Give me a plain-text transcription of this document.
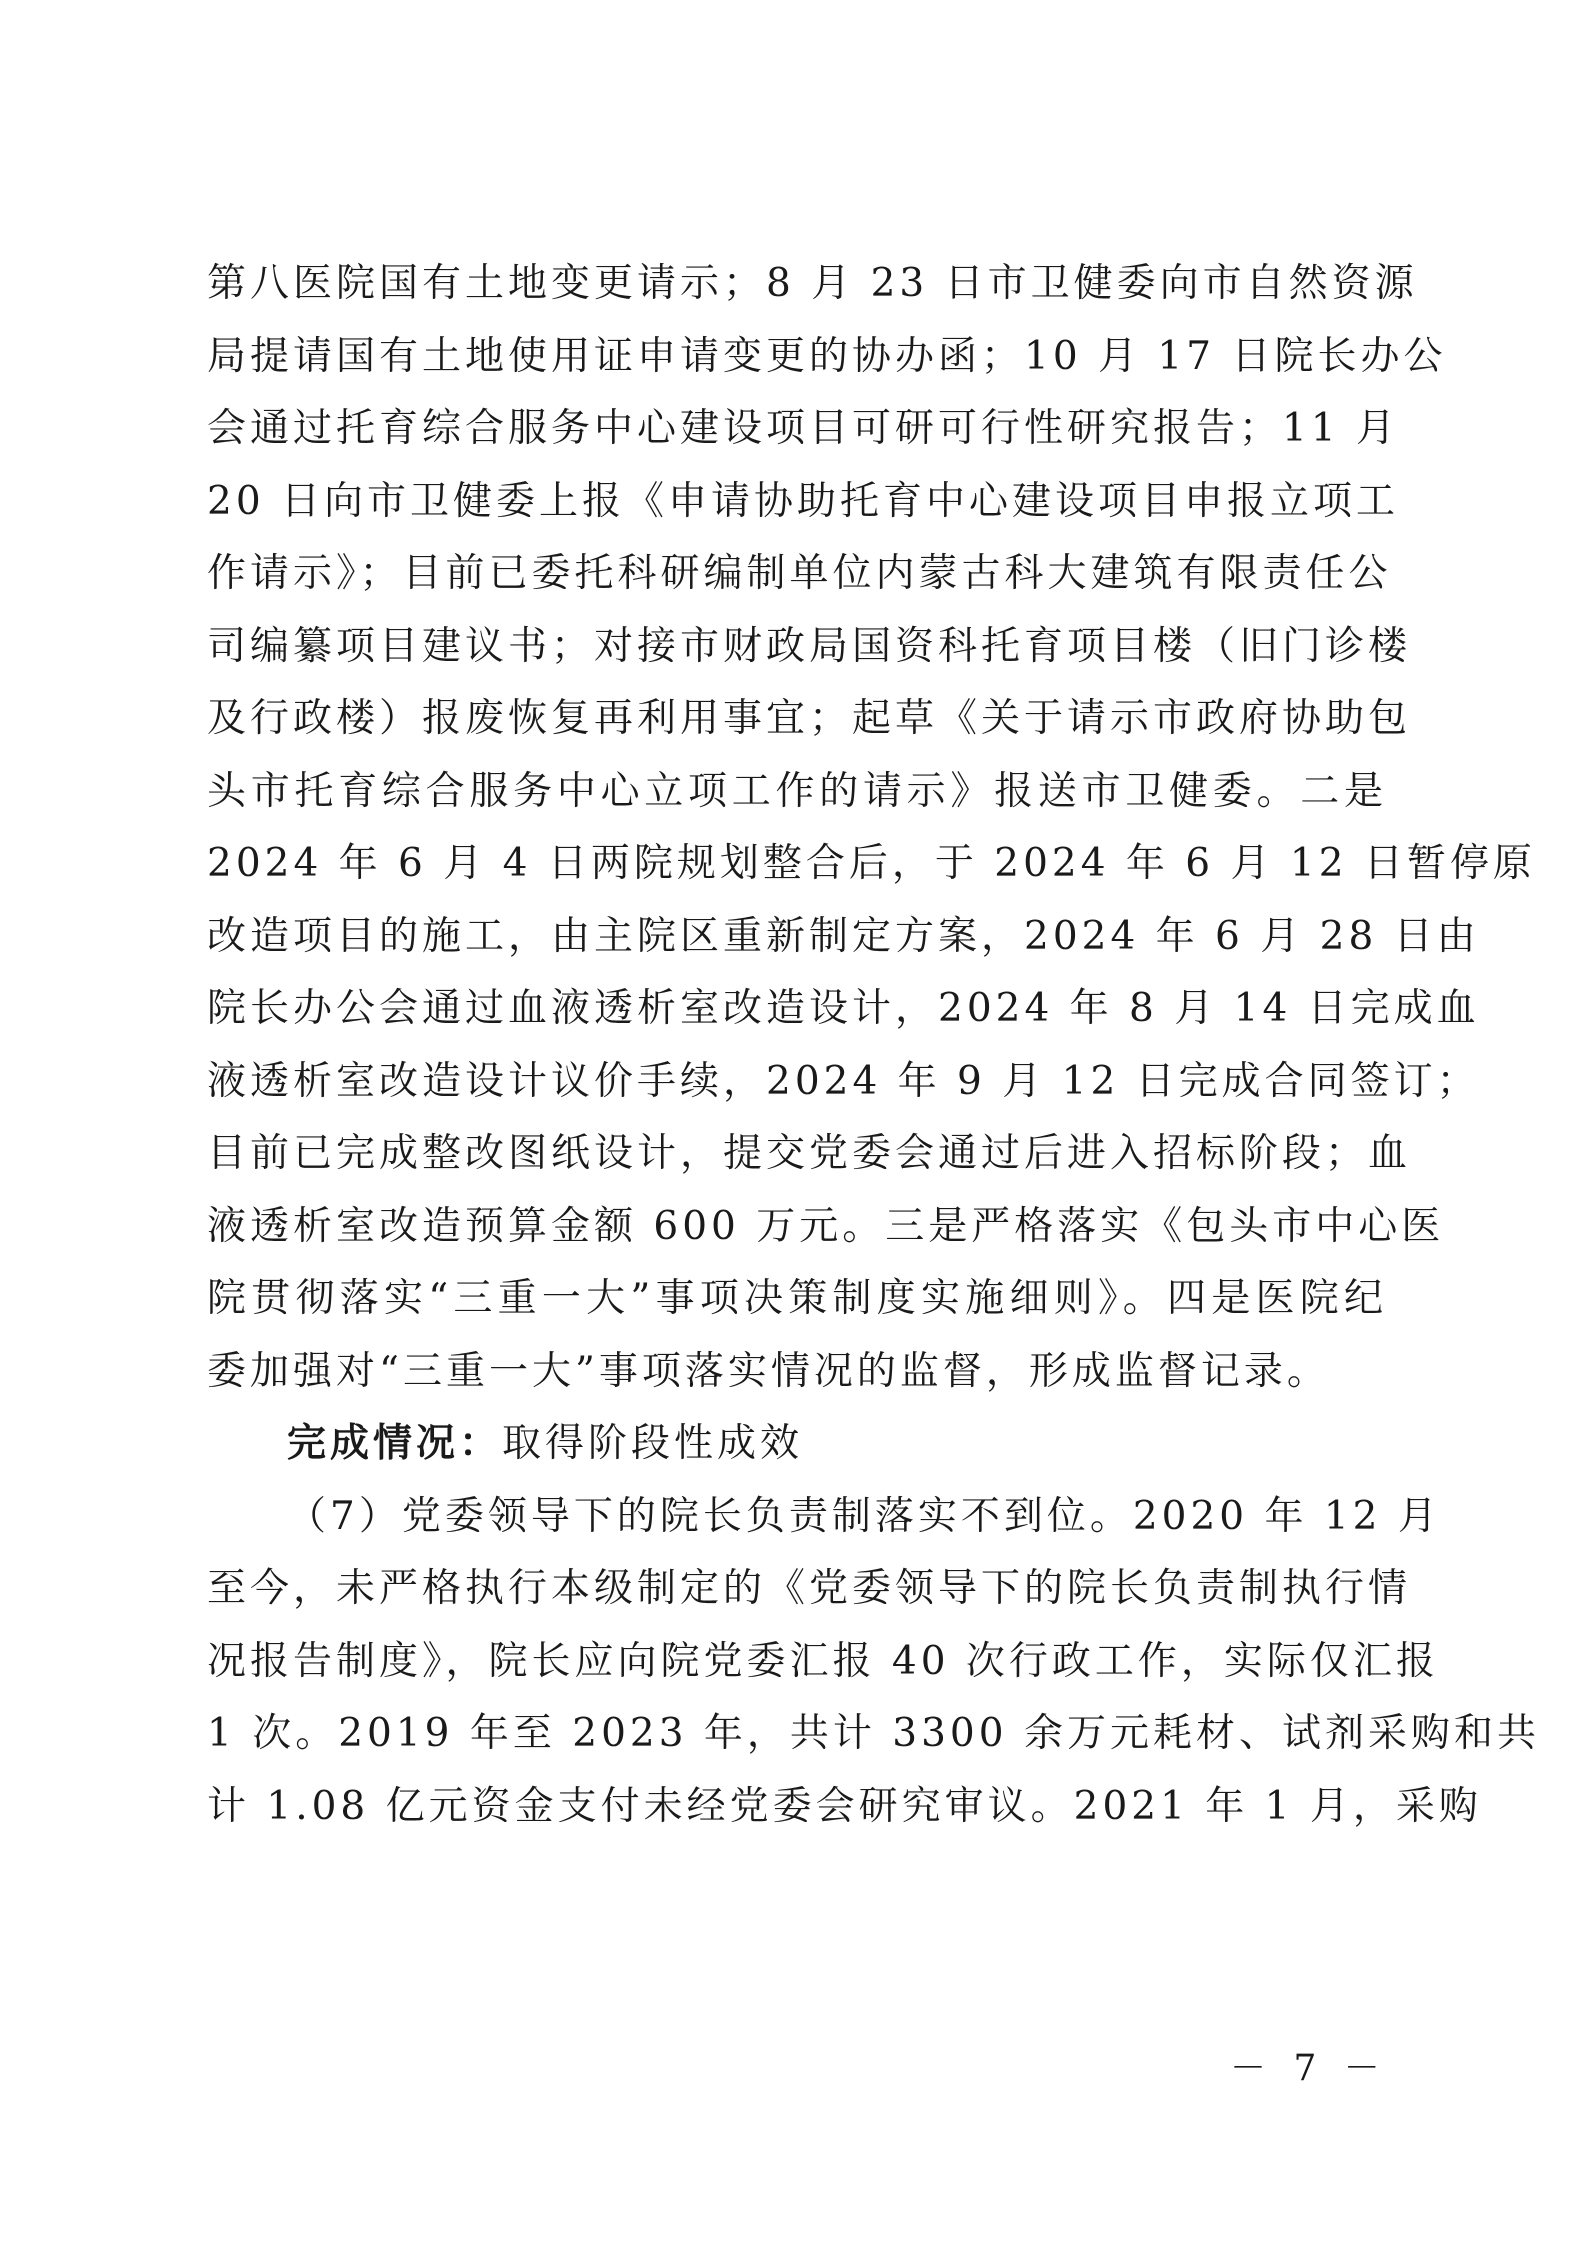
第八医院国有土地变更请示；8 月 23 日市卫健委向市自然资源
局提请国有土地使用证申请变更的协办函；10 月 17 日院长办公
会通过托育综合服务中心建设项目可研可行性研究报告；11 月
20 日向市卫健委上报《申请协助托育中心建设项目申报立项工
作请示》；目前已委托科研编制单位内蒙古科大建筑有限责任公
司编纂项目建议书；对接市财政局国资科托育项目楼（旧门诊楼
及行政楼）报废恢复再利用事宜；起草《关于请示市政府协助包
头市托育综合服务中心立项工作的请示》报送市卫健委。二是
2024 年 6 月 4 日两院规划整合后，于 2024 年 6 月 12 日暂停原
改造项目的施工，由主院区重新制定方案，2024 年 6 月 28 日由
院长办公会通过血液透析室改造设计，2024 年 8 月 14 日完成血
液透析室改造设计议价手续，2024 年 9 月 12 日完成合同签订；
目前已完成整改图纸设计，提交党委会通过后进入招标阶段；血
液透析室改造预算金额 600 万元。三是严格落实《包头市中心医
院贯彻落实“三重一大”事项决策制度实施细则》。四是医院纪
委加强对“三重一大”事项落实情况的监督，形成监督记录。
完成情况：取得阶段性成效
（7）党委领导下的院长负责制落实不到位。2020 年 12 月
至今，未严格执行本级制定的《党委领导下的院长负责制执行情
况报告制度》，院长应向院党委汇报 40 次行政工作，实际仅汇报
1 次。2019 年至 2023 年，共计 3300 余万元耗材、试剂采购和共
计 1.08 亿元资金支付未经党委会研究审议。2021 年 1 月，采购
－ 7 －
